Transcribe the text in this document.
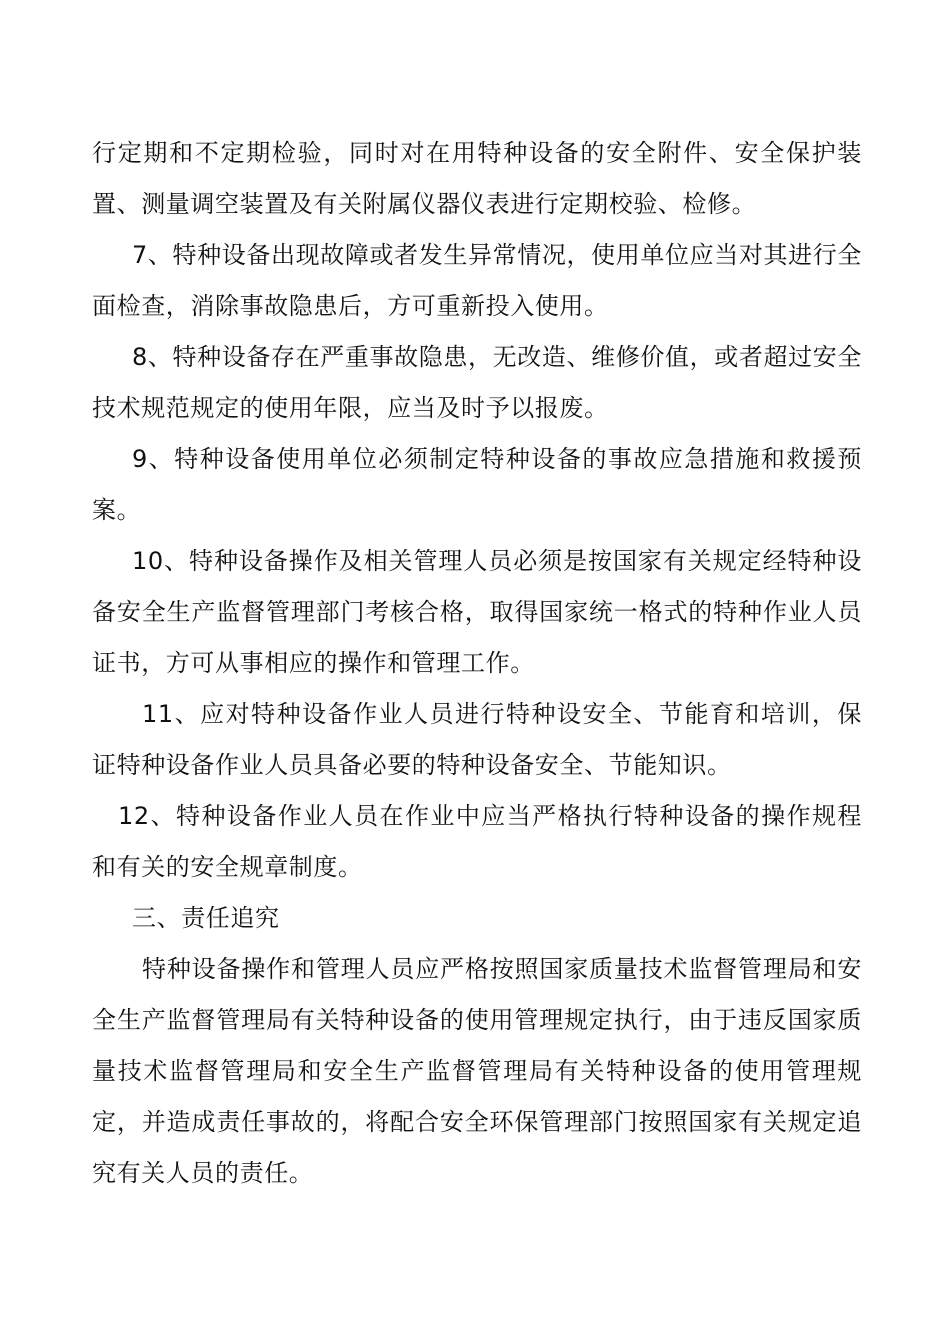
行定期和不定期检验，同时对在用特种设备的安全附件、安全保护装置、测量调空装置及有关附属仪器仪表进行定期校验、检修。

7、特种设备出现故障或者发生异常情况，使用单位应当对其进行全面检查，消除事故隐患后，方可重新投入使用。

8、特种设备存在严重事故隐患，无改造、维修价值，或者超过安全技术规范规定的使用年限，应当及时予以报废。

9、特种设备使用单位必须制定特种设备的事故应急措施和救援预案。

10、特种设备操作及相关管理人员必须是按国家有关规定经特种设备安全生产监督管理部门考核合格，取得国家统一格式的特种作业人员证书，方可从事相应的操作和管理工作。

11、应对特种设备作业人员进行特种设安全、节能育和培训，保证特种设备作业人员具备必要的特种设备安全、节能知识。

12、特种设备作业人员在作业中应当严格执行特种设备的操作规程和有关的安全规章制度。

三、责任追究

特种设备操作和管理人员应严格按照国家质量技术监督管理局和安全生产监督管理局有关特种设备的使用管理规定执行，由于违反国家质量技术监督管理局和安全生产监督管理局有关特种设备的使用管理规定，并造成责任事故的，将配合安全环保管理部门按照国家有关规定追究有关人员的责任。
